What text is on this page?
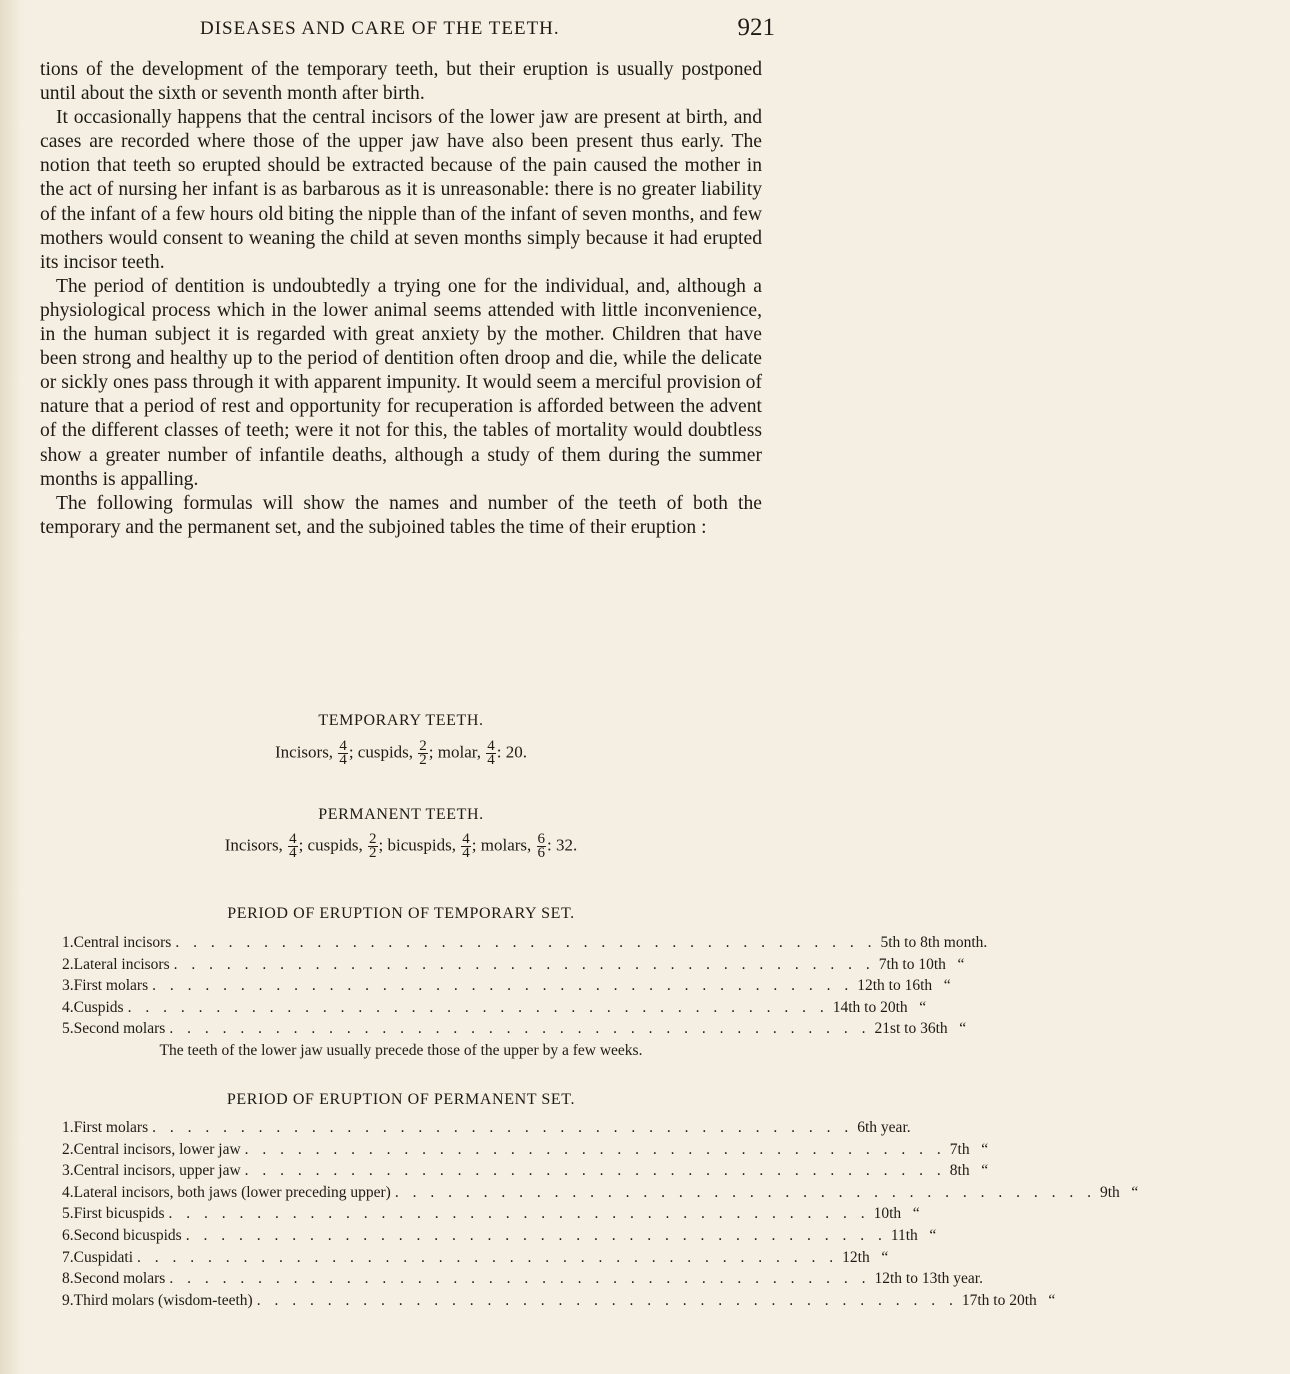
DISEASES AND CARE OF THE TEETH.	921

tions of the development of the temporary teeth, but their eruption is usually postponed until about the sixth or seventh month after birth.

It occasionally happens that the central incisors of the lower jaw are present at birth, and cases are recorded where those of the upper jaw have also been present thus early. The notion that teeth so erupted should be extracted because of the pain caused the mother in the act of nursing her infant is as barbarous as it is unreasonable: there is no greater liability of the infant of a few hours old biting the nipple than of the infant of seven months, and few mothers would consent to weaning the child at seven months simply because it had erupted its incisor teeth.

The period of dentition is undoubtedly a trying one for the individual, and, although a physiological process which in the lower animal seems attended with little inconvenience, in the human subject it is regarded with great anxiety by the mother. Children that have been strong and healthy up to the period of dentition often droop and die, while the delicate or sickly ones pass through it with apparent impunity. It would seem a merciful provision of nature that a period of rest and opportunity for recuperation is afforded between the advent of the different classes of teeth; were it not for this, the tables of mortality would doubtless show a greater number of infantile deaths, although a study of them during the summer months is appalling.

The following formulas will show the names and number of the teeth of both the temporary and the permanent set, and the subjoined tables the time of their eruption :

TEMPORARY TEETH.
Incisors, $\frac{4}{4}$ ; cuspids, $\frac{2}{2}$ ; molar, $\frac{4}{4}$ : 20.
PERMANENT TEETH.
Incisors, $\frac{4}{4}$ ; cuspids, $\frac{2}{2}$ ; bicuspids, $\frac{4}{4}$ ; molars, $\frac{6}{6}$ : 32.
PERIOD OF ERUPTION OF TEMPORARY SET.
1. Central incisors . . . . . . . . . . . . . . . . . . . . . . . . . . . . . . . . . . . . . . . . 5th to 8th month.
2. Lateral incisors . . . . . . . . . . . . . . . . . . . . . . . . . . . . . . . . . . . . . . . . 7th to 10th   “
3. First molars . . . . . . . . . . . . . . . . . . . . . . . . . . . . . . . . . . . . . . . . 12th to 16th   “
4. Cuspids . . . . . . . . . . . . . . . . . . . . . . . . . . . . . . . . . . . . . . . . 14th to 20th   “
5. Second molars . . . . . . . . . . . . . . . . . . . . . . . . . . . . . . . . . . . . . . . . 21st to 36th   “
The teeth of the lower jaw usually precede those of the upper by a few weeks.
PERIOD OF ERUPTION OF PERMANENT SET.
1. First molars . . . . . . . . . . . . . . . . . . . . . . . . . . . . . . . . . . . . . . . . 6th year.
2. Central incisors, lower jaw . . . . . . . . . . . . . . . . . . . . . . . . . . . . . . . . . . . . . . . . 7th   “
3. Central incisors, upper jaw . . . . . . . . . . . . . . . . . . . . . . . . . . . . . . . . . . . . . . . . 8th   “
4. Lateral incisors, both jaws (lower preceding upper) . . . . . . . . . . . . . . . . . . . . . . . . . . . . . . . . . . . . . . . . 9th   “
5. First bicuspids . . . . . . . . . . . . . . . . . . . . . . . . . . . . . . . . . . . . . . . . 10th   “
6. Second bicuspids . . . . . . . . . . . . . . . . . . . . . . . . . . . . . . . . . . . . . . . . 11th   “
7. Cuspidati . . . . . . . . . . . . . . . . . . . . . . . . . . . . . . . . . . . . . . . . 12th   “
8. Second molars . . . . . . . . . . . . . . . . . . . . . . . . . . . . . . . . . . . . . . . . 12th to 13th year.
9. Third molars (wisdom-teeth) . . . . . . . . . . . . . . . . . . . . . . . . . . . . . . . . . . . . . . . . 17th to 20th   “
